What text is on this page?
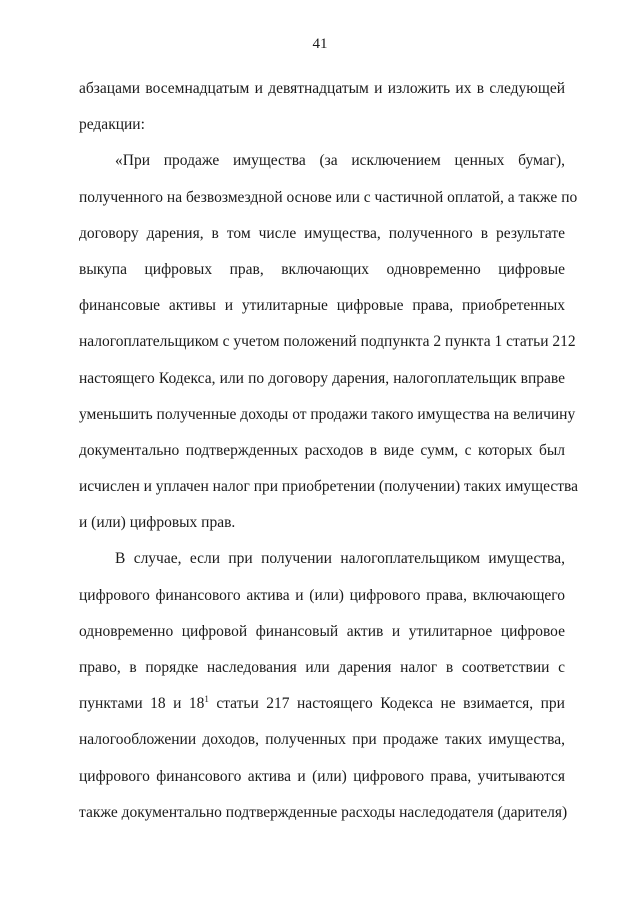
41
абзацами восемнадцатым и девятнадцатым и изложить их в следующей
редакции:
«При продаже имущества (за исключением ценных бумаг),
полученного на безвозмездной основе или с частичной оплатой, а также по
договору дарения, в том числе имущества, полученного в результате
выкупа цифровых прав, включающих одновременно цифровые
финансовые активы и утилитарные цифровые права, приобретенных
налогоплательщиком с учетом положений подпункта 2 пункта 1 статьи 212
настоящего Кодекса, или по договору дарения, налогоплательщик вправе
уменьшить полученные доходы от продажи такого имущества на величину
документально подтвержденных расходов в виде сумм, с которых был
исчислен и уплачен налог при приобретении (получении) таких имущества
и (или) цифровых прав.
В случае, если при получении налогоплательщиком имущества,
цифрового финансового актива и (или) цифрового права, включающего
одновременно цифровой финансовый актив и утилитарное цифровое
право, в порядке наследования или дарения налог в соответствии с
пунктами 18 и $18^1$ статьи 217 настоящего Кодекса не взимается, при
налогообложении доходов, полученных при продаже таких имущества,
цифрового финансового актива и (или) цифрового права, учитываются
также документально подтвержденные расходы наследодателя (дарителя)
